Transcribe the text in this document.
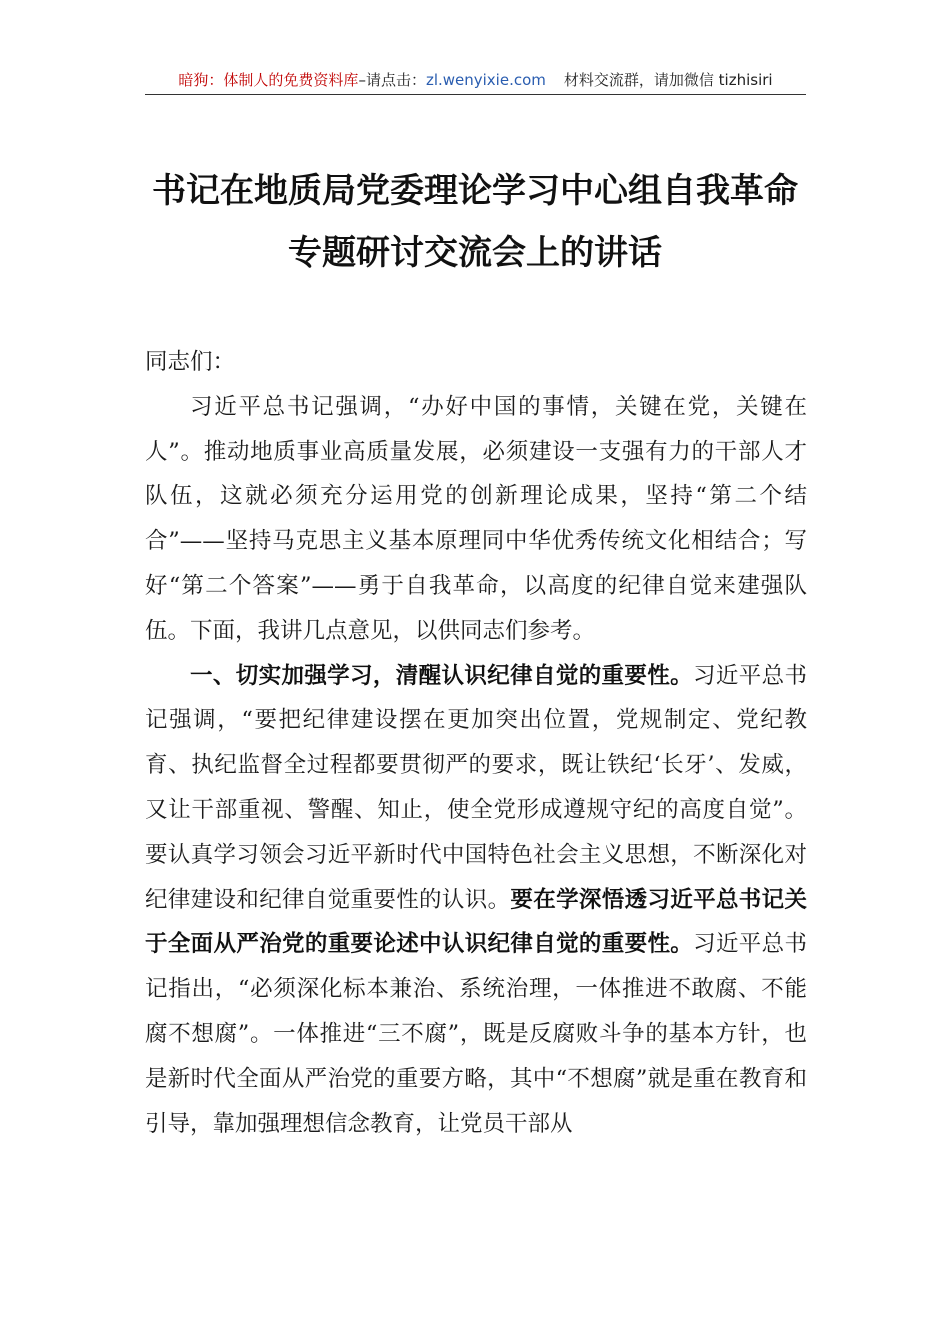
暗狗：体制人的免费资料库–请点击：zl.wenyixie.com 材料交流群，请加微信 tizhisiri
书记在地质局党委理论学习中心组自我革命专题研讨交流会上的讲话

同志们：

习近平总书记强调，“办好中国的事情，关键在党，关键在人”。推动地质事业高质量发展，必须建设一支强有力的干部人才队伍，这就必须充分运用党的创新理论成果，坚持“第二个结合”——坚持马克思主义基本原理同中华优秀传统文化相结合；写好“第二个答案”——勇于自我革命，以高度的纪律自觉来建强队伍。下面，我讲几点意见，以供同志们参考。

一、切实加强学习，清醒认识纪律自觉的重要性。习近平总书记强调，“要把纪律建设摆在更加突出位置，党规制定、党纪教育、执纪监督全过程都要贯彻严的要求，既让铁纪‘长牙’、发威，又让干部重视、警醒、知止，使全党形成遵规守纪的高度自觉”。要认真学习领会习近平新时代中国特色社会主义思想，不断深化对纪律建设和纪律自觉重要性的认识。要在学深悟透习近平总书记关于全面从严治党的重要论述中认识纪律自觉的重要性。习近平总书记指出，“必须深化标本兼治、系统治理，一体推进不敢腐、不能腐不想腐”。一体推进“三不腐”，既是反腐败斗争的基本方针，也是新时代全面从严治党的重要方略，其中“不想腐”就是重在教育和引导，靠加强理想信念教育，让党员干部从
